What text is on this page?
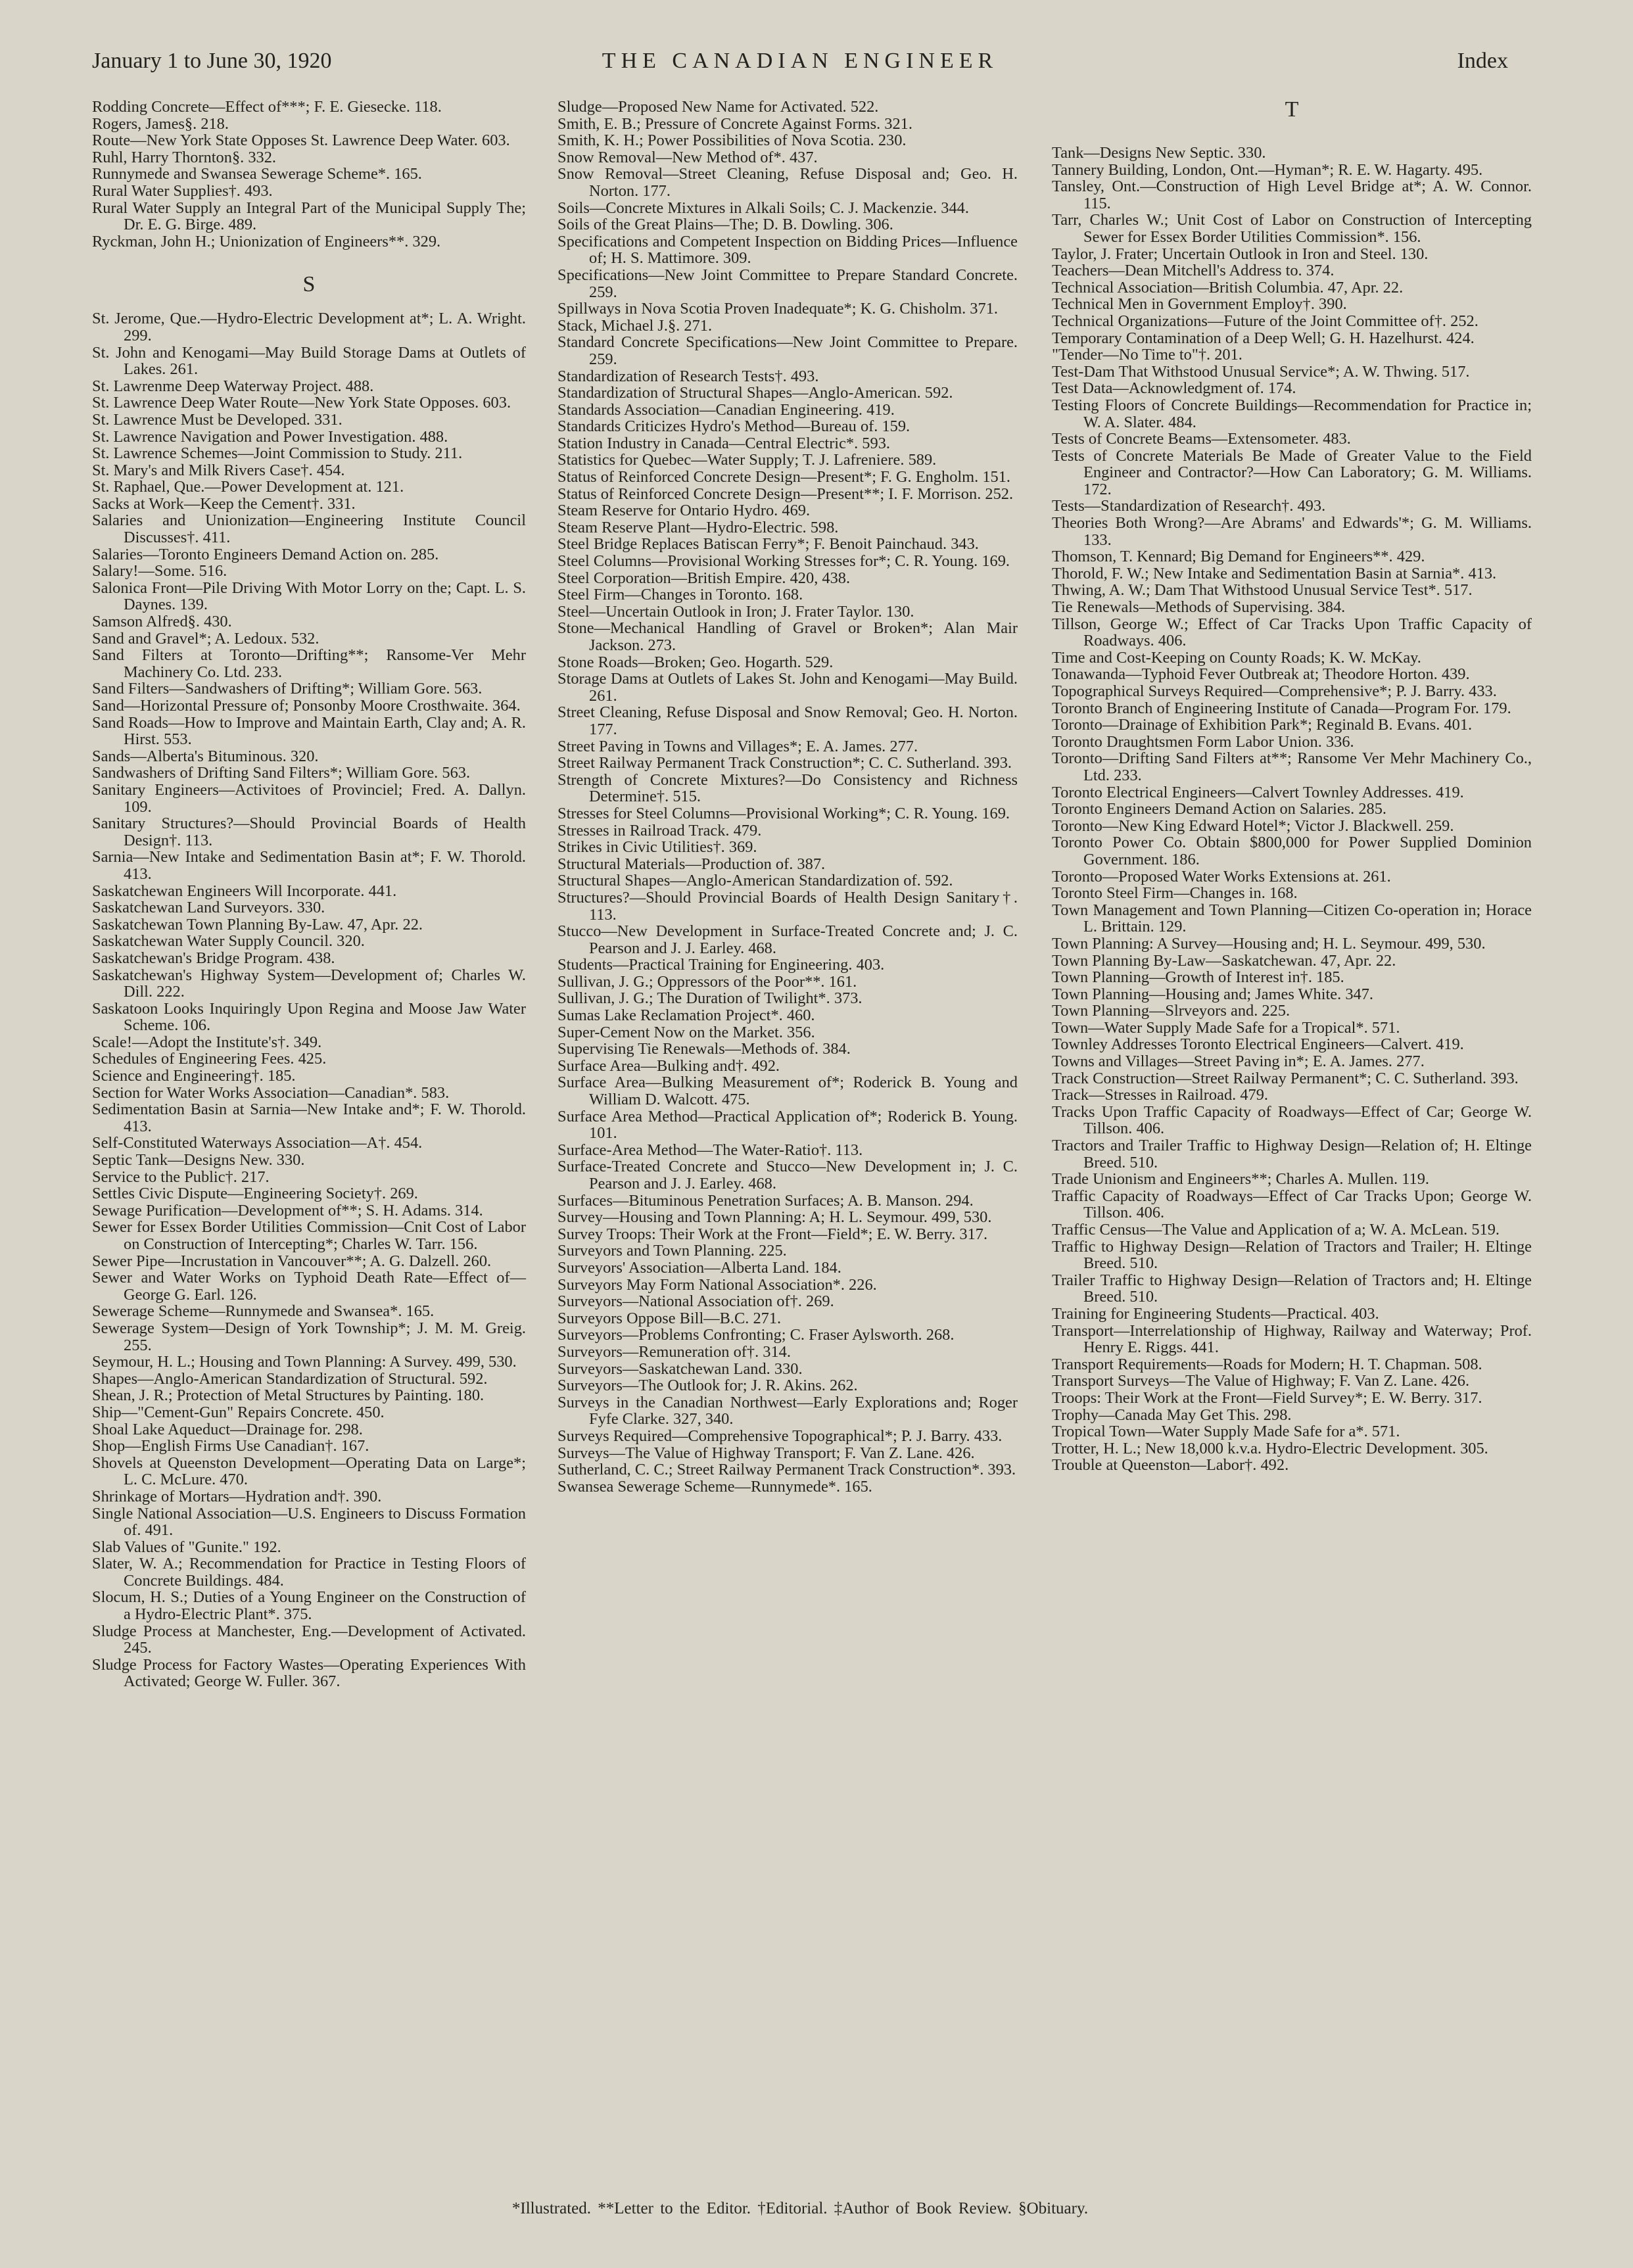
THE CANADIAN ENGINEER
January 1 to June 30, 1920	Index

Rodding Concrete—Effect of***; F. E. Giesecke. 118.

Rogers, James§. 218.

Route—New York State Opposes St. Lawrence Deep Water. 603.

Ruhl, Harry Thornton§. 332.

Runnymede and Swansea Sewerage Scheme*. 165.

Rural Water Supplies†. 493.

Rural Water Supply an Integral Part of the Municipal Supply The; Dr. E. G. Birge. 489.

Ryckman, John H.; Unionization of Engineers**. 329.

S

St. Jerome, Que.—Hydro-Electric Development at*; L. A. Wright. 299.

St. John and Kenogami—May Build Storage Dams at Outlets of Lakes. 261.

St. Lawrenme Deep Waterway Project. 488.

St. Lawrence Deep Water Route—New York State Opposes. 603.

St. Lawrence Must be Developed. 331.

St. Lawrence Navigation and Power Investigation. 488.

St. Lawrence Schemes—Joint Commission to Study. 211.

St. Mary's and Milk Rivers Case†. 454.

St. Raphael, Que.—Power Development at. 121.

Sacks at Work—Keep the Cement†. 331.

Salaries and Unionization—Engineering Institute Council Discusses†. 411.

Salaries—Toronto Engineers Demand Action on. 285.

Salary!—Some. 516.

Salonica Front—Pile Driving With Motor Lorry on the; Capt. L. S. Daynes. 139.

Samson Alfred§. 430.

Sand and Gravel*; A. Ledoux. 532.

Sand Filters at Toronto—Drifting**; Ransome-Ver Mehr Machinery Co. Ltd. 233.

Sand Filters—Sandwashers of Drifting*; William Gore. 563.

Sand—Horizontal Pressure of; Ponsonby Moore Crosthwaite. 364.

Sand Roads—How to Improve and Maintain Earth, Clay and; A. R. Hirst. 553.

Sands—Alberta's Bituminous. 320.

Sandwashers of Drifting Sand Filters*; William Gore. 563.

Sanitary Engineers—Activitoes of Provinciel; Fred. A. Dallyn. 109.

Sanitary Structures?—Should Provincial Boards of Health Design†. 113.

Sarnia—New Intake and Sedimentation Basin at*; F. W. Thorold. 413.

Saskatchewan Engineers Will Incorporate. 441.

Saskatchewan Land Surveyors. 330.

Saskatchewan Town Planning By-Law. 47, Apr. 22.

Saskatchewan Water Supply Council. 320.

Saskatchewan's Bridge Program. 438.

Saskatchewan's Highway System—Development of; Charles W. Dill. 222.

Saskatoon Looks Inquiringly Upon Regina and Moose Jaw Water Scheme. 106.

Scale!—Adopt the Institute's†. 349.

Schedules of Engineering Fees. 425.

Science and Engineering†. 185.

Section for Water Works Association—Canadian*. 583.

Sedimentation Basin at Sarnia—New Intake and*; F. W. Thorold. 413.

Self-Constituted Waterways Association—A†. 454.

Septic Tank—Designs New. 330.

Service to the Public†. 217.

Settles Civic Dispute—Engineering Society†. 269.

Sewage Purification—Development of**; S. H. Adams. 314.

Sewer for Essex Border Utilities Commission—Cnit Cost of Labor on Construction of Intercepting*; Charles W. Tarr. 156.

Sewer Pipe—Incrustation in Vancouver**; A. G. Dalzell. 260.

Sewer and Water Works on Typhoid Death Rate—Effect of—George G. Earl. 126.

Sewerage Scheme—Runnymede and Swansea*. 165.

Sewerage System—Design of York Township*; J. M. M. Greig. 255.

Seymour, H. L.; Housing and Town Planning: A Survey. 499, 530.

Shapes—Anglo-American Standardization of Structural. 592.

Shean, J. R.; Protection of Metal Structures by Painting. 180.

Ship—"Cement-Gun" Repairs Concrete. 450.

Shoal Lake Aqueduct—Drainage for. 298.

Shop—English Firms Use Canadian†. 167.

Shovels at Queenston Development—Operating Data on Large*; L. C. McLure. 470.

Shrinkage of Mortars—Hydration and†. 390.

Single National Association—U.S. Engineers to Discuss Formation of. 491.

Slab Values of "Gunite." 192.

Slater, W. A.; Recommendation for Practice in Testing Floors of Concrete Buildings. 484.

Slocum, H. S.; Duties of a Young Engineer on the Construction of a Hydro-Electric Plant*. 375.

Sludge Process at Manchester, Eng.—Development of Activated. 245.

Sludge Process for Factory Wastes—Operating Experiences With Activated; George W. Fuller. 367.

Sludge—Proposed New Name for Activated. 522.

Smith, E. B.; Pressure of Concrete Against Forms. 321.

Smith, K. H.; Power Possibilities of Nova Scotia. 230.

Snow Removal—New Method of*. 437.

Snow Removal—Street Cleaning, Refuse Disposal and; Geo. H. Norton. 177.

Soils—Concrete Mixtures in Alkali Soils; C. J. Mackenzie. 344.

Soils of the Great Plains—The; D. B. Dowling. 306.

Specifications and Competent Inspection on Bidding Prices—Influence of; H. S. Mattimore. 309.

Specifications—New Joint Committee to Prepare Standard Concrete. 259.

Spillways in Nova Scotia Proven Inadequate*; K. G. Chisholm. 371.

Stack, Michael J.§. 271.

Standard Concrete Specifications—New Joint Committee to Prepare. 259.

Standardization of Research Tests†. 493.

Standardization of Structural Shapes—Anglo-American. 592.

Standards Association—Canadian Engineering. 419.

Standards Criticizes Hydro's Method—Bureau of. 159.

Station Industry in Canada—Central Electric*. 593.

Statistics for Quebec—Water Supply; T. J. Lafreniere. 589.

Status of Reinforced Concrete Design—Present*; F. G. Engholm. 151.

Status of Reinforced Concrete Design—Present**; I. F. Morrison. 252.

Steam Reserve for Ontario Hydro. 469.

Steam Reserve Plant—Hydro-Electric. 598.

Steel Bridge Replaces Batiscan Ferry*; F. Benoit Painchaud. 343.

Steel Columns—Provisional Working Stresses for*; C. R. Young. 169.

Steel Corporation—British Empire. 420, 438.

Steel Firm—Changes in Toronto. 168.

Steel—Uncertain Outlook in Iron; J. Frater Taylor. 130.

Stone—Mechanical Handling of Gravel or Broken*; Alan Mair Jackson. 273.

Stone Roads—Broken; Geo. Hogarth. 529.

Storage Dams at Outlets of Lakes St. John and Kenogami—May Build. 261.

Street Cleaning, Refuse Disposal and Snow Removal; Geo. H. Norton. 177.

Street Paving in Towns and Villages*; E. A. James. 277.

Street Railway Permanent Track Construction*; C. C. Sutherland. 393.

Strength of Concrete Mixtures?—Do Consistency and Richness Determine†. 515.

Stresses for Steel Columns—Provisional Working*; C. R. Young. 169.

Stresses in Railroad Track. 479.

Strikes in Civic Utilities†. 369.

Structural Materials—Production of. 387.

Structural Shapes—Anglo-American Standardization of. 592.

Structures?—Should Provincial Boards of Health Design Sanitary†. 113.

Stucco—New Development in Surface-Treated Concrete and; J. C. Pearson and J. J. Earley. 468.

Students—Practical Training for Engineering. 403.

Sullivan, J. G.; Oppressors of the Poor**. 161.

Sullivan, J. G.; The Duration of Twilight*. 373.

Sumas Lake Reclamation Project*. 460.

Super-Cement Now on the Market. 356.

Supervising Tie Renewals—Methods of. 384.

Surface Area—Bulking and†. 492.

Surface Area—Bulking Measurement of*; Roderick B. Young and William D. Walcott. 475.

Surface Area Method—Practical Application of*; Roderick B. Young. 101.

Surface-Area Method—The Water-Ratio†. 113.

Surface-Treated Concrete and Stucco—New Development in; J. C. Pearson and J. J. Earley. 468.

Surfaces—Bituminous Penetration Surfaces; A. B. Manson. 294.

Survey—Housing and Town Planning: A; H. L. Seymour. 499, 530.

Survey Troops: Their Work at the Front—Field*; E. W. Berry. 317.

Surveyors and Town Planning. 225.

Surveyors' Association—Alberta Land. 184.

Surveyors May Form National Association*. 226.

Surveyors—National Association of†. 269.

Surveyors Oppose Bill—B.C. 271.

Surveyors—Problems Confronting; C. Fraser Aylsworth. 268.

Surveyors—Remuneration of†. 314.

Surveyors—Saskatchewan Land. 330.

Surveyors—The Outlook for; J. R. Akins. 262.

Surveys in the Canadian Northwest—Early Explorations and; Roger Fyfe Clarke. 327, 340.

Surveys Required—Comprehensive Topographical*; P. J. Barry. 433.

Surveys—The Value of Highway Transport; F. Van Z. Lane. 426.

Sutherland, C. C.; Street Railway Permanent Track Construction*. 393.

Swansea Sewerage Scheme—Runnymede*. 165.

T

Tank—Designs New Septic. 330.

Tannery Building, London, Ont.—Hyman*; R. E. W. Hagarty. 495.

Tansley, Ont.—Construction of High Level Bridge at*; A. W. Connor. 115.

Tarr, Charles W.; Unit Cost of Labor on Construction of Intercepting Sewer for Essex Border Utilities Commission*. 156.

Taylor, J. Frater; Uncertain Outlook in Iron and Steel. 130.

Teachers—Dean Mitchell's Address to. 374.

Technical Association—British Columbia. 47, Apr. 22.

Technical Men in Government Employ†. 390.

Technical Organizations—Future of the Joint Committee of†. 252.

Temporary Contamination of a Deep Well; G. H. Hazelhurst. 424.

"Tender—No Time to"†. 201.

Test-Dam That Withstood Unusual Service*; A. W. Thwing. 517.

Test Data—Acknowledgment of. 174.

Testing Floors of Concrete Buildings—Recommendation for Practice in; W. A. Slater. 484.

Tests of Concrete Beams—Extensometer. 483.

Tests of Concrete Materials Be Made of Greater Value to the Field Engineer and Contractor?—How Can Laboratory; G. M. Williams. 172.

Tests—Standardization of Research†. 493.

Theories Both Wrong?—Are Abrams' and Edwards'*; G. M. Williams. 133.

Thomson, T. Kennard; Big Demand for Engineers**. 429.

Thorold, F. W.; New Intake and Sedimentation Basin at Sarnia*. 413.

Thwing, A. W.; Dam That Withstood Unusual Service Test*. 517.

Tie Renewals—Methods of Supervising. 384.

Tillson, George W.; Effect of Car Tracks Upon Traffic Capacity of Roadways. 406.

Time and Cost-Keeping on County Roads; K. W. McKay.

Tonawanda—Typhoid Fever Outbreak at; Theodore Horton. 439.

Topographical Surveys Required—Comprehensive*; P. J. Barry. 433.

Toronto Branch of Engineering Institute of Canada—Program For. 179.

Toronto—Drainage of Exhibition Park*; Reginald B. Evans. 401.

Toronto Draughtsmen Form Labor Union. 336.

Toronto—Drifting Sand Filters at**; Ransome Ver Mehr Machinery Co., Ltd. 233.

Toronto Electrical Engineers—Calvert Townley Addresses. 419.

Toronto Engineers Demand Action on Salaries. 285.

Toronto—New King Edward Hotel*; Victor J. Blackwell. 259.

Toronto Power Co. Obtain $800,000 for Power Supplied Dominion Government. 186.

Toronto—Proposed Water Works Extensions at. 261.

Toronto Steel Firm—Changes in. 168.

Town Management and Town Planning—Citizen Co-operation in; Horace L. Brittain. 129.

Town Planning: A Survey—Housing and; H. L. Seymour. 499, 530.

Town Planning By-Law—Saskatchewan. 47, Apr. 22.

Town Planning—Growth of Interest in†. 185.

Town Planning—Housing and; James White. 347.

Town Planning—Slrveyors and. 225.

Town—Water Supply Made Safe for a Tropical*. 571.

Townley Addresses Toronto Electrical Engineers—Calvert. 419.

Towns and Villages—Street Paving in*; E. A. James. 277.

Track Construction—Street Railway Permanent*; C. C. Sutherland. 393.

Track—Stresses in Railroad. 479.

Tracks Upon Traffic Capacity of Roadways—Effect of Car; George W. Tillson. 406.

Tractors and Trailer Traffic to Highway Design—Relation of; H. Eltinge Breed. 510.

Trade Unionism and Engineers**; Charles A. Mullen. 119.

Traffic Capacity of Roadways—Effect of Car Tracks Upon; George W. Tillson. 406.

Traffic Census—The Value and Application of a; W. A. McLean. 519.

Traffic to Highway Design—Relation of Tractors and Trailer; H. Eltinge Breed. 510.

Trailer Traffic to Highway Design—Relation of Tractors and; H. Eltinge Breed. 510.

Training for Engineering Students—Practical. 403.

Transport—Interrelationship of Highway, Railway and Waterway; Prof. Henry E. Riggs. 441.

Transport Requirements—Roads for Modern; H. T. Chapman. 508.

Transport Surveys—The Value of Highway; F. Van Z. Lane. 426.

Troops: Their Work at the Front—Field Survey*; E. W. Berry. 317.

Trophy—Canada May Get This. 298.

Tropical Town—Water Supply Made Safe for a*. 571.

Trotter, H. L.; New 18,000 k.v.a. Hydro-Electric Development. 305.

Trouble at Queenston—Labor†. 492.

*Illustrated. **Letter to the Editor. †Editorial. ‡Author of Book Review. §Obituary.
